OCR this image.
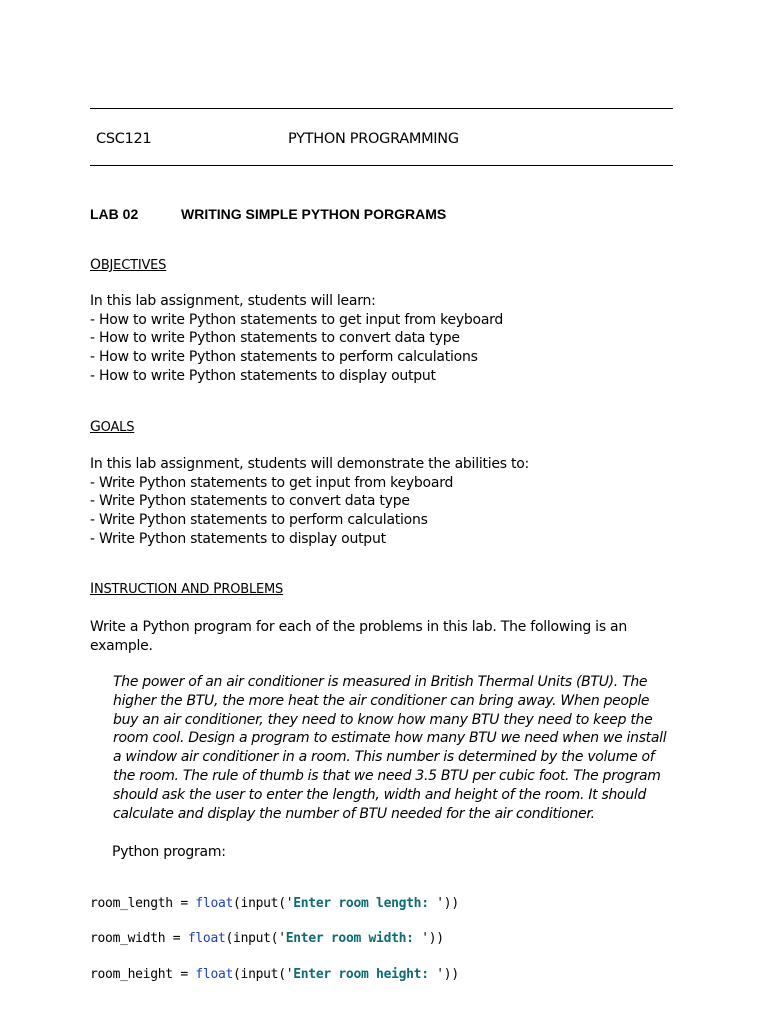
CSC121	PYTHON PROGRAMMING
LAB 02	WRITING SIMPLE PYTHON PORGRAMS
OBJECTIVES
In this lab assignment, students will learn:
- How to write Python statements to get input from keyboard
- How to write Python statements to convert data type
- How to write Python statements to perform calculations
- How to write Python statements to display output
GOALS
In this lab assignment, students will demonstrate the abilities to:
- Write Python statements to get input from keyboard
- Write Python statements to convert data type
- Write Python statements to perform calculations
- Write Python statements to display output
INSTRUCTION AND PROBLEMS
Write a Python program for each of the problems in this lab. The following is an
example.
The power of an air conditioner is measured in British Thermal Units (BTU). The
higher the BTU, the more heat the air conditioner can bring away. When people
buy an air conditioner, they need to know how many BTU they need to keep the
room cool. Design a program to estimate how many BTU we need when we install
a window air conditioner in a room. This number is determined by the volume of
the room. The rule of thumb is that we need 3.5 BTU per cubic foot. The program
should ask the user to enter the length, width and height of the room. It should
calculate and display the number of BTU needed for the air conditioner.
Python program:

room_length = float(input('Enter room length: '))

room_width = float(input('Enter room width: '))

room_height = float(input('Enter room height: '))
